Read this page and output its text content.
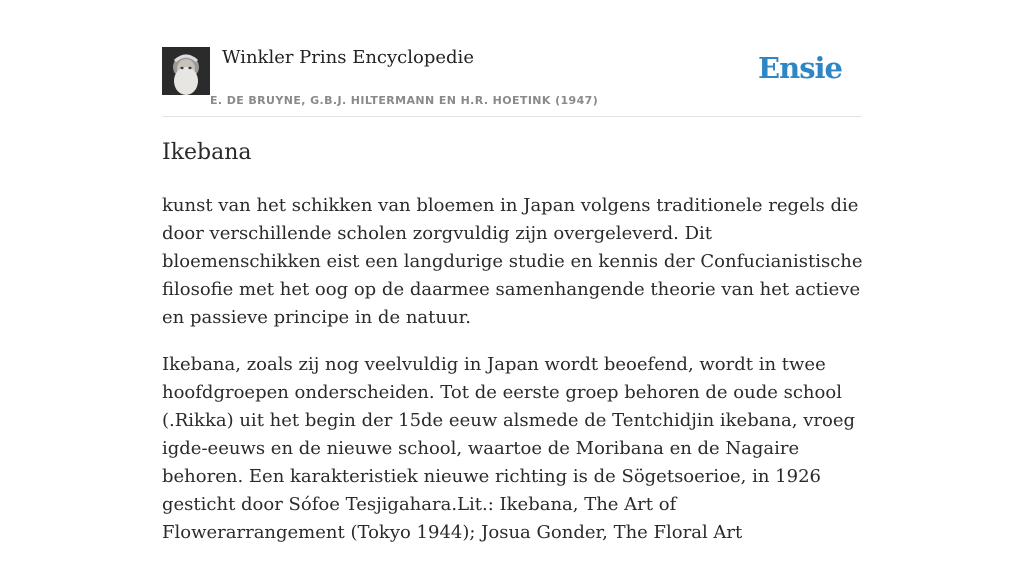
Winkler Prins Encyclopedie
E. DE BRUYNE, G.B.J. HILTERMANN EN H.R. HOETINK (1947)
Ensie
Ikebana

kunst van het schikken van bloemen in Japan volgens traditionele regels die door verschillende scholen zorgvuldig zijn overgeleverd. Dit bloemenschikken eist een langdurige studie en kennis der Confucianistische filosofie met het oog op de daarmee samenhangende theorie van het actieve en passieve principe in de natuur.

Ikebana, zoals zij nog veelvuldig in Japan wordt beoefend, wordt in twee hoofdgroepen onderscheiden. Tot de eerste groep behoren de oude school (.Rikka) uit het begin der 15de eeuw alsmede de Tentchidjin ikebana, vroeg igde-eeuws en de nieuwe school, waartoe de Moribana en de Nagaire behoren. Een karakteristiek nieuwe richting is de Sögetsoerioe, in 1926 gesticht door Sófoe Tesjigahara.Lit.: Ikebana, The Art of Flowerarrangement (Tokyo 1944); Josua Gonder, The Floral Art
